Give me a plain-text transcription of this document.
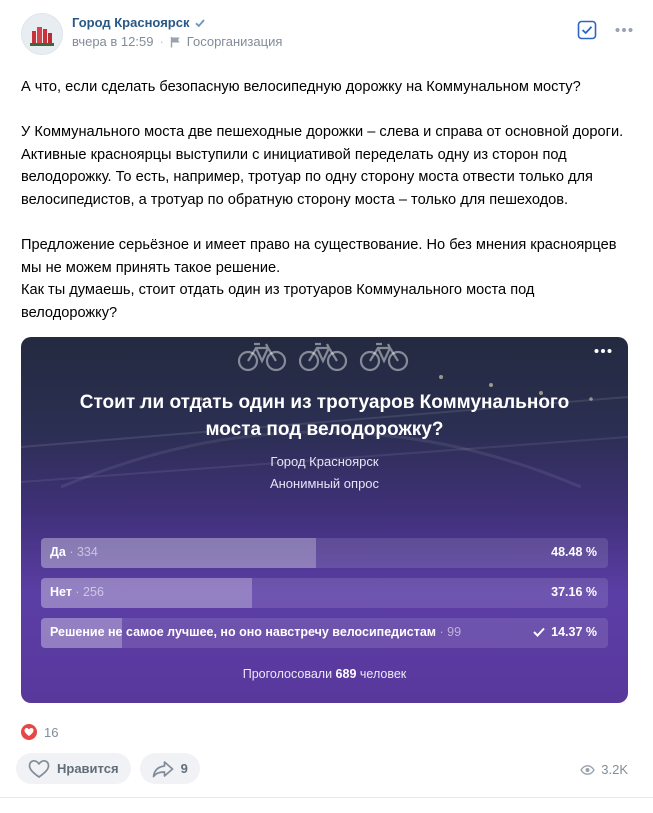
Город Красноярск
вчера в 12:59 · Госорганизация
А что, если сделать безопасную велосипедную дорожку на Коммунальном мосту?

У Коммунального моста две пешеходные дорожки – слева и справа от основной дороги. Активные красноярцы выступили с инициативой переделать одну из сторон под велодорожку. То есть, например, тротуар по одну сторону моста отвести только для велосипедистов, а тротуар по обратную сторону моста – только для пешеходов.

Предложение серьёзное и имеет право на существование. Но без мнения красноярцев мы не можем принять такое решение.
Как ты думаешь, стоит отдать один из тротуаров Коммунального моста под велодорожку?
Стоит ли отдать один из тротуаров Коммунального моста под велодорожку?
Город Красноярск
Анонимный опрос
Да · 334	48.48 %
Нет · 256	37.16 %
Решение не самое лучшее, но оно навстречу велосипедистам · 99	14.37 %
Проголосовали 689 человек
16
Нравится	9	3.2K
